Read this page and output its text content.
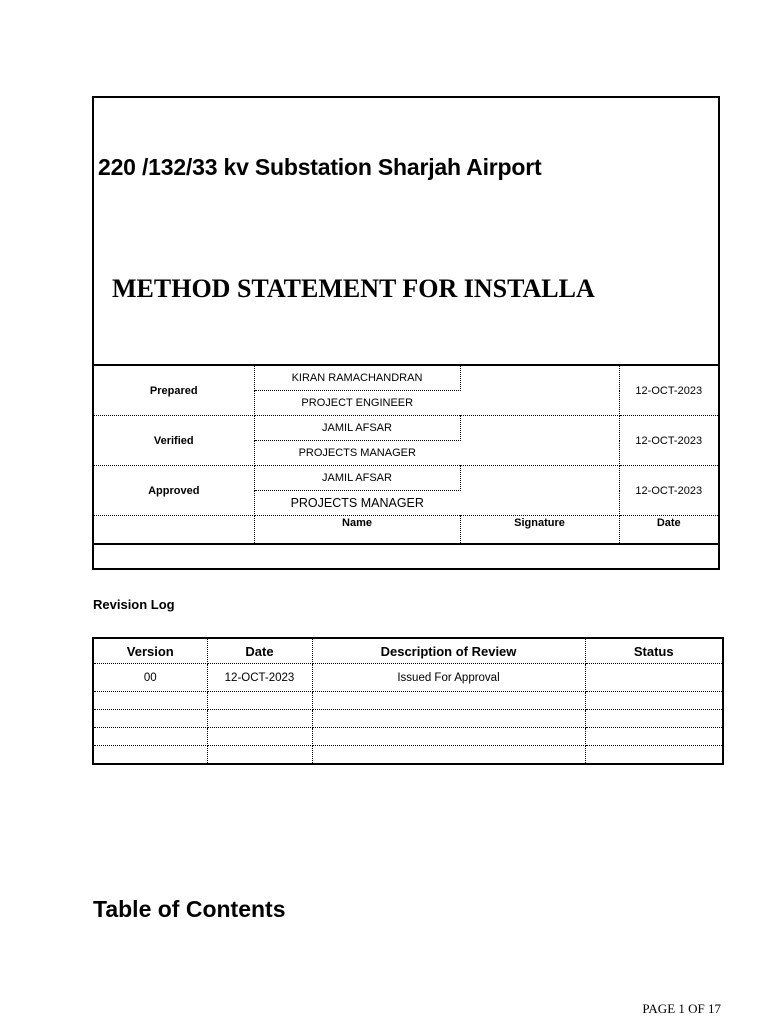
220 /132/33 kv Substation Sharjah Airport
METHOD STATEMENT FOR INSTALLA
Prepared	KIRAN RAMACHANDRAN		12-OCT-2023
	PROJECT ENGINEER		
Verified	JAMIL AFSAR		12-OCT-2023
	PROJECTS MANAGER		
Approved	JAMIL AFSAR		12-OCT-2023
	PROJECTS MANAGER		
	Name	Signature	Date
Revision Log
Version	Date	Description of Review	Status
00	12-OCT-2023	Issued For Approval	

Table of Contents
PAGE 1 OF 17
